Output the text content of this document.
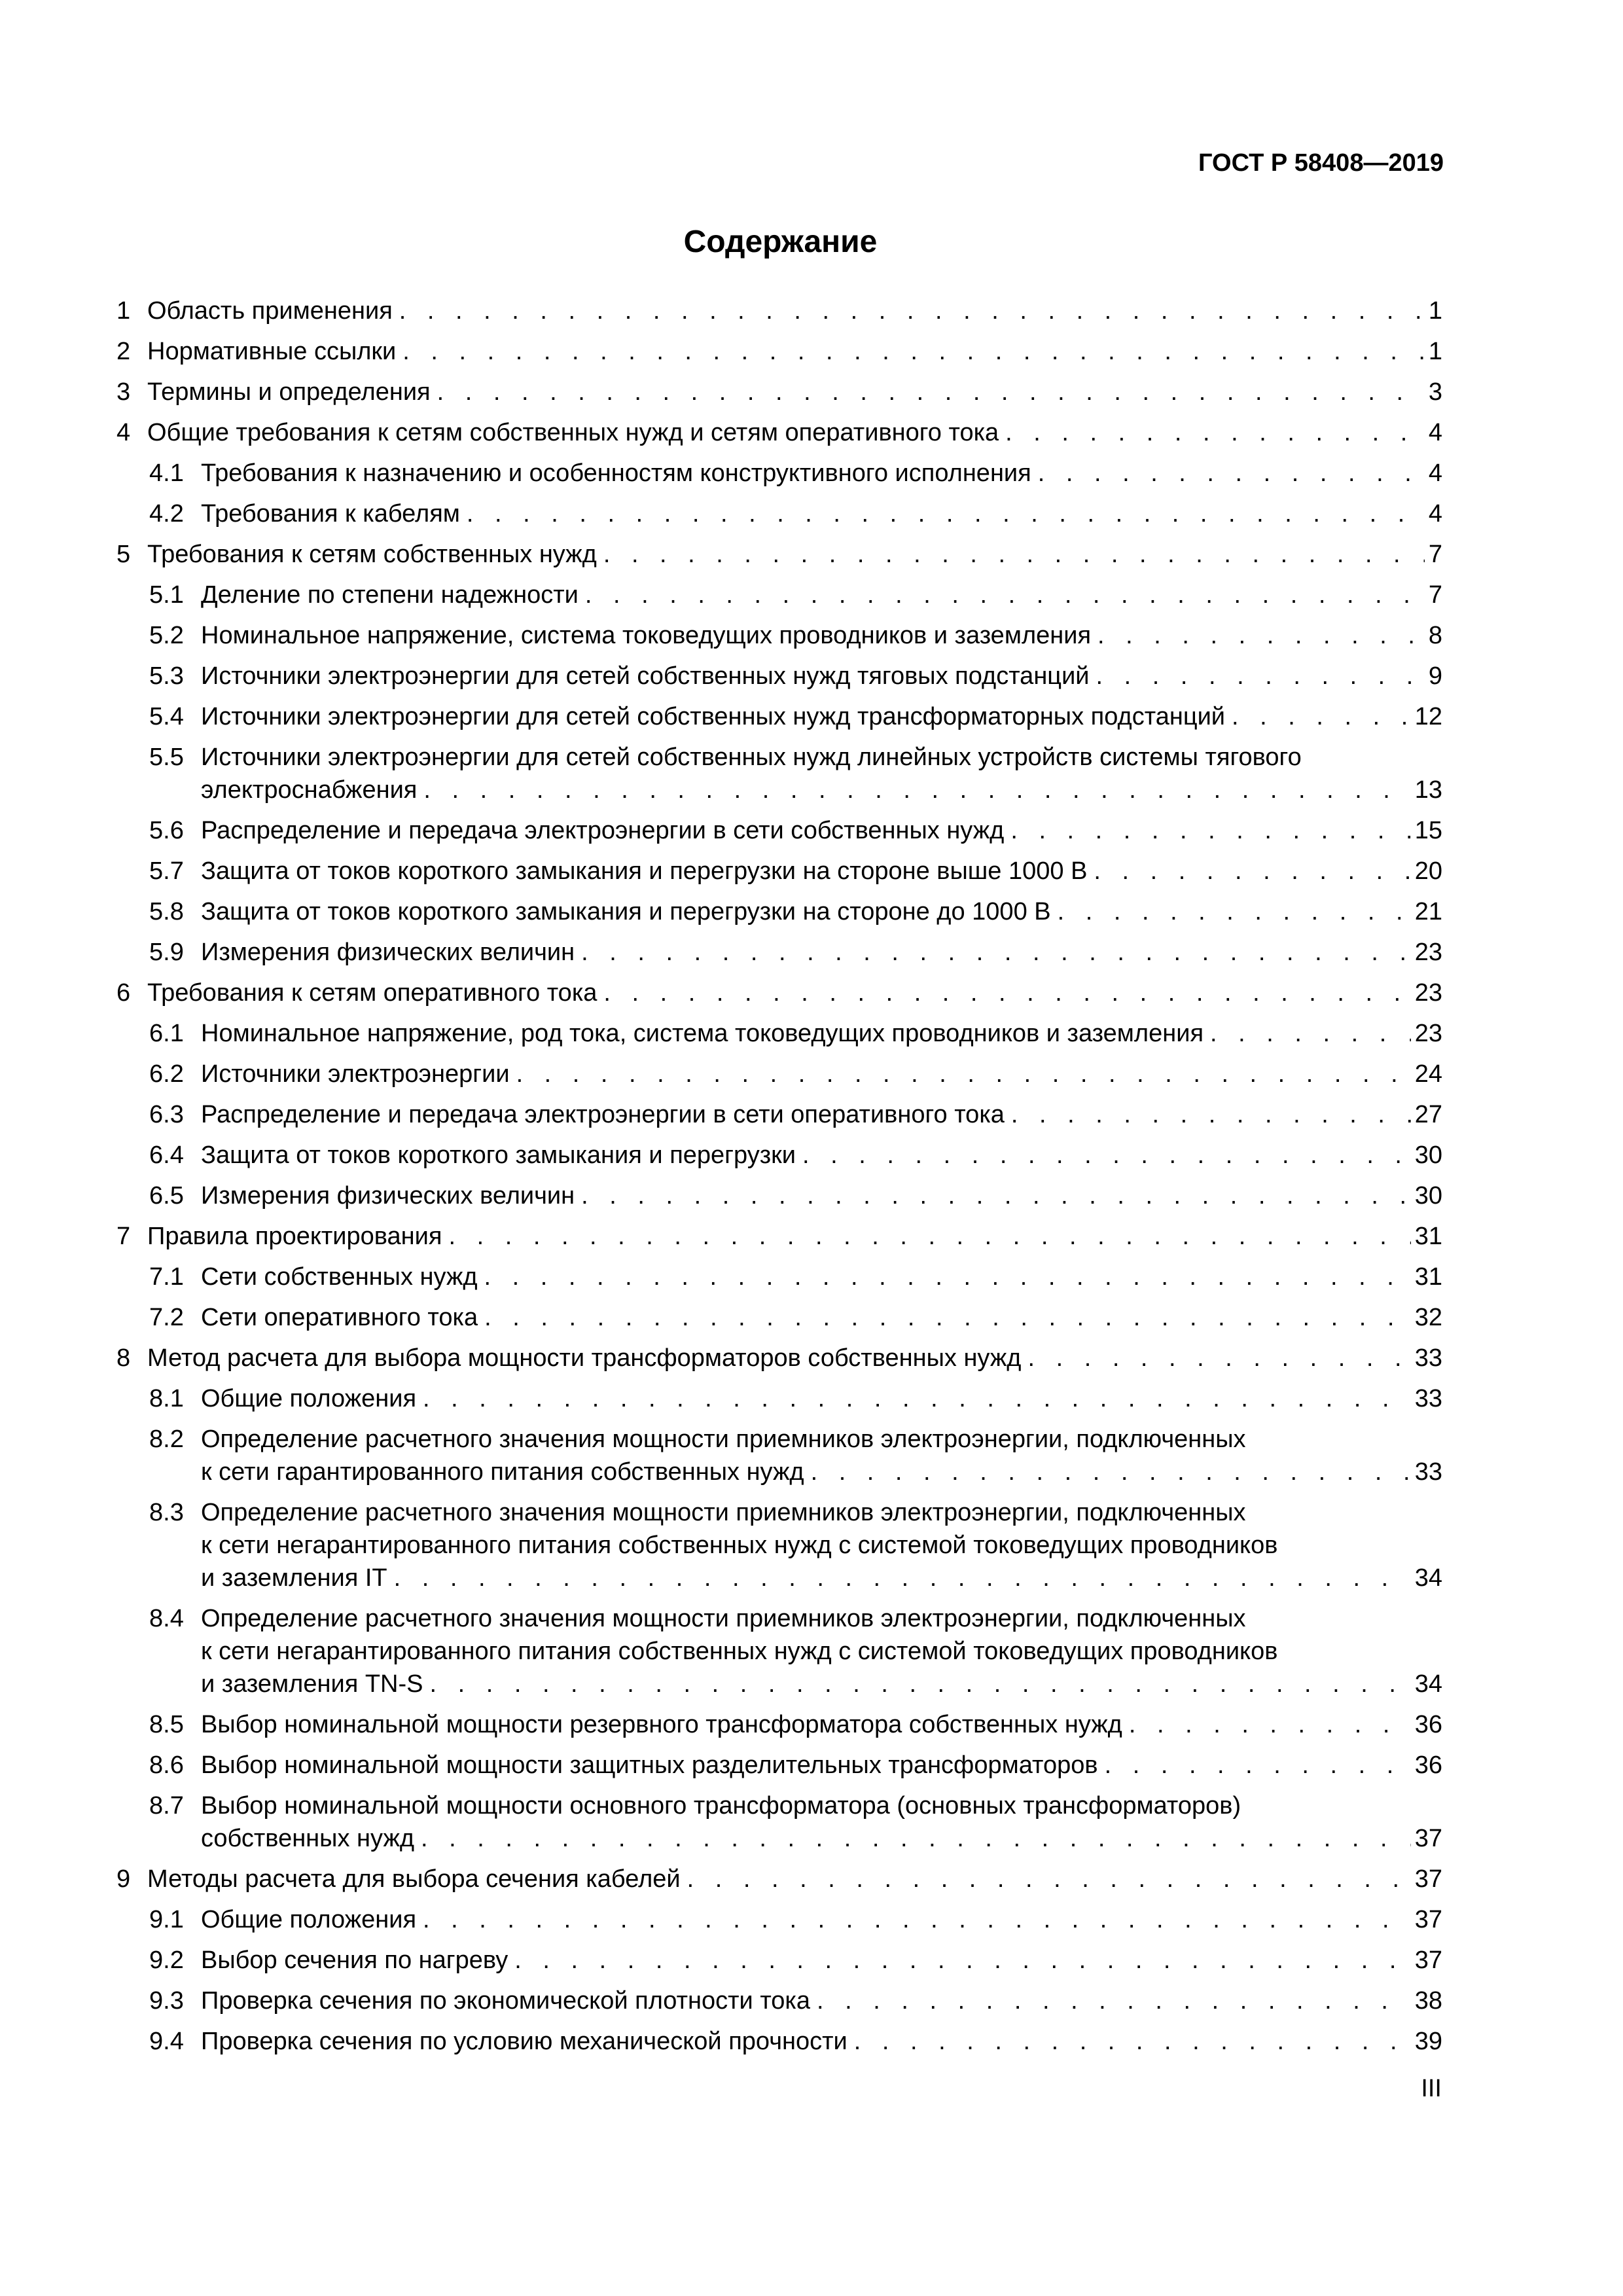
ГОСТ Р 58408—2019
Содержание
1 Область применения . . .	1
2 Нормативные ссылки . . .	1
3 Термины и определения . . .	3
4 Общие требования к сетям собственных нужд и сетям оперативного тока . . .	4
4.1 Требования к назначению и особенностям конструктивного исполнения . . .	4
4.2 Требования к кабелям . . .	4
5 Требования к сетям собственных нужд . . .	7
5.1 Деление по степени надежности . . .	7
5.2 Номинальное напряжение, система токоведущих проводников и заземления . . .	8
5.3 Источники электроэнергии для сетей собственных нужд тяговых подстанций . . .	9
5.4 Источники электроэнергии для сетей собственных нужд трансформаторных подстанций . . .	12
5.5 Источники электроэнергии для сетей собственных нужд линейных устройств системы тягового
электроснабжения . . .	13
5.6 Распределение и передача электроэнергии в сети собственных нужд . . .	15
5.7 Защита от токов короткого замыкания и перегрузки на стороне выше 1000 В . . .	20
5.8 Защита от токов короткого замыкания и перегрузки на стороне до 1000 В . . .	21
5.9 Измерения физических величин . . .	23
6 Требования к сетям оперативного тока . . .	23
6.1 Номинальное напряжение, род тока, система токоведущих проводников и заземления . . .	23
6.2 Источники электроэнергии . . .	24
6.3 Распределение и передача электроэнергии в сети оперативного тока . . .	27
6.4 Защита от токов короткого замыкания и перегрузки . . .	30
6.5 Измерения физических величин . . .	30
7 Правила проектирования . . .	31
7.1 Сети собственных нужд . . .	31
7.2 Сети оперативного тока . . .	32
8 Метод расчета для выбора мощности трансформаторов собственных нужд . . .	33
8.1 Общие положения . . .	33
8.2 Определение расчетного значения мощности приемников электроэнергии, подключенных
к сети гарантированного питания собственных нужд . . .	33
8.3 Определение расчетного значения мощности приемников электроэнергии, подключенных
к сети негарантированного питания собственных нужд с системой токоведущих проводников
и заземления IT . . .	34
8.4 Определение расчетного значения мощности приемников электроэнергии, подключенных
к сети негарантированного питания собственных нужд с системой токоведущих проводников
и заземления TN-S . . .	34
8.5 Выбор номинальной мощности резервного трансформатора собственных нужд . . .	36
8.6 Выбор номинальной мощности защитных разделительных трансформаторов . . .	36
8.7 Выбор номинальной мощности основного трансформатора (основных трансформаторов)
собственных нужд . . .	37
9 Методы расчета для выбора сечения кабелей . . .	37
9.1 Общие положения . . .	37
9.2 Выбор сечения по нагреву . . .	37
9.3 Проверка сечения по экономической плотности тока . . .	38
9.4 Проверка сечения по условию механической прочности . . .	39
III
